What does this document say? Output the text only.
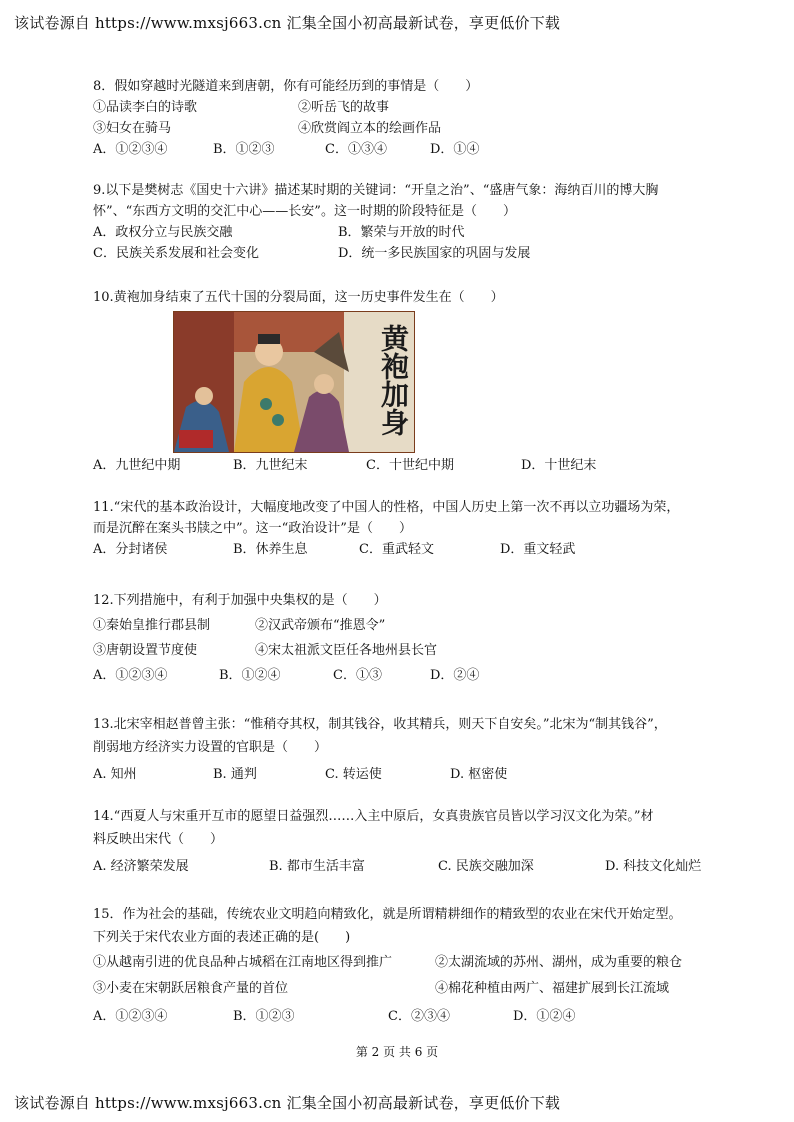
该试卷源自 https://www.mxsj663.cn 汇集全国小初高最新试卷，享更低价下载
8．假如穿越时光隧道来到唐朝，你有可能经历到的事情是（　　）
①品读李白的诗歌	②听岳飞的故事
③妇女在骑马	④欣赏阎立本的绘画作品
A．①②③④	B．①②③	C．①③④	D．①④
9.以下是樊树志《国史十六讲》描述某时期的关键词：“开皇之治”、“盛唐气象：海纳百川的博大胸
怀”、“东西方文明的交汇中心——长安”。这一时期的阶段特征是（　　）
A．政权分立与民族交融	B．繁荣与开放的时代
C．民族关系发展和社会变化	D．统一多民族国家的巩固与发展
10.黄袍加身结束了五代十国的分裂局面，这一历史事件发生在（　　）
黄袍加身
A．九世纪中期	B．九世纪末	C．十世纪中期	D．十世纪末
11.“宋代的基本政治设计，大幅度地改变了中国人的性格，中国人历史上第一次不再以立功疆场为荣，
而是沉醉在案头书牍之中”。这一“政治设计”是（　　）
A．分封诸侯	B．休养生息	C．重武轻文	D．重文轻武
12.下列措施中，有利于加强中央集权的是（　　）
①秦始皇推行郡县制	②汉武帝颁布“推恩令”
③唐朝设置节度使	④宋太祖派文臣任各地州县长官
A．①②③④	B．①②④	C．①③	D．②④
13.北宋宰相赵普曾主张：“惟稍夺其权，制其钱谷，收其精兵，则天下自安矣。”北宋为“制其钱谷”，
削弱地方经济实力设置的官职是（　　）
A. 知州	B. 通判	C. 转运使	D. 枢密使
14.“西夏人与宋重开互市的愿望日益强烈……入主中原后，女真贵族官员皆以学习汉文化为荣。”材
料反映出宋代（　　）
A. 经济繁荣发展	B. 都市生活丰富	C. 民族交融加深	D. 科技文化灿烂
15．作为社会的基础，传统农业文明趋向精致化，就是所谓精耕细作的精致型的农业在宋代开始定型。
下列关于宋代农业方面的表述正确的是(　　)
①从越南引进的优良品种占城稻在江南地区得到推广	②太湖流域的苏州、湖州，成为重要的粮仓
③小麦在宋朝跃居粮食产量的首位	④棉花种植由两广、福建扩展到长江流域
A．①②③④	B．①②③	C．②③④	D．①②④
第 2 页 共 6 页
该试卷源自 https://www.mxsj663.cn 汇集全国小初高最新试卷，享更低价下载
